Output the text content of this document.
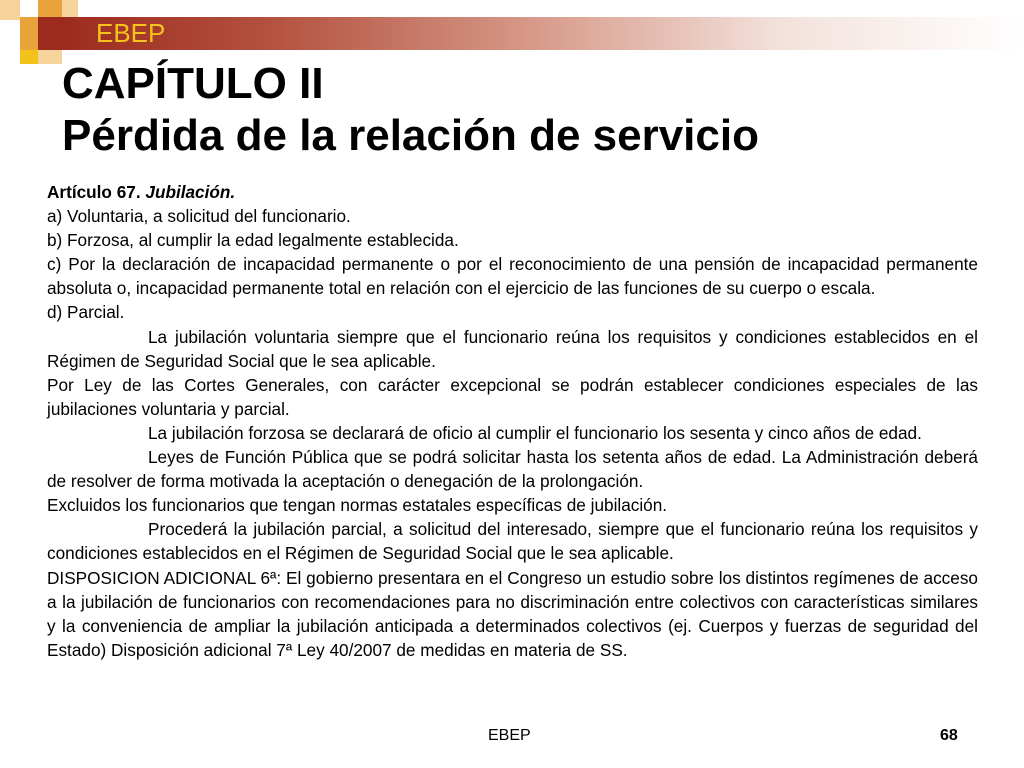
EBEP
CAPÍTULO II
Pérdida de la relación de servicio

Artículo 67. Jubilación.

a) Voluntaria, a solicitud del funcionario.

b) Forzosa, al cumplir la edad legalmente establecida.

c) Por la declaración de incapacidad permanente o por el reconocimiento de una pensión de incapacidad permanente absoluta o, incapacidad permanente total en relación con el ejercicio de las funciones de su cuerpo o escala.

d) Parcial.

La jubilación voluntaria siempre que el funcionario reúna los requisitos y condiciones establecidos en el Régimen de Seguridad Social que le sea aplicable.

Por Ley de las Cortes Generales, con carácter excepcional se podrán establecer condiciones especiales de las jubilaciones voluntaria y parcial.

La jubilación forzosa se declarará de oficio al cumplir el funcionario los sesenta y cinco años de edad.

Leyes de Función Pública que se podrá solicitar hasta los setenta años de edad. La Administración deberá de resolver de forma motivada la aceptación o denegación de la prolongación.

Excluidos los funcionarios que tengan normas estatales específicas de jubilación.

Procederá la jubilación parcial, a solicitud del interesado, siempre que el funcionario reúna los requisitos y condiciones establecidos en el Régimen de Seguridad Social que le sea aplicable.

DISPOSICION ADICIONAL 6ª: El gobierno presentara en el Congreso un estudio sobre los distintos regímenes de acceso a la jubilación de funcionarios con recomendaciones para no discriminación entre colectivos con características similares y la conveniencia de ampliar la jubilación anticipada a determinados colectivos (ej. Cuerpos y fuerzas de seguridad del Estado) Disposición adicional 7ª Ley 40/2007 de medidas en materia de SS.

EBEP	68
